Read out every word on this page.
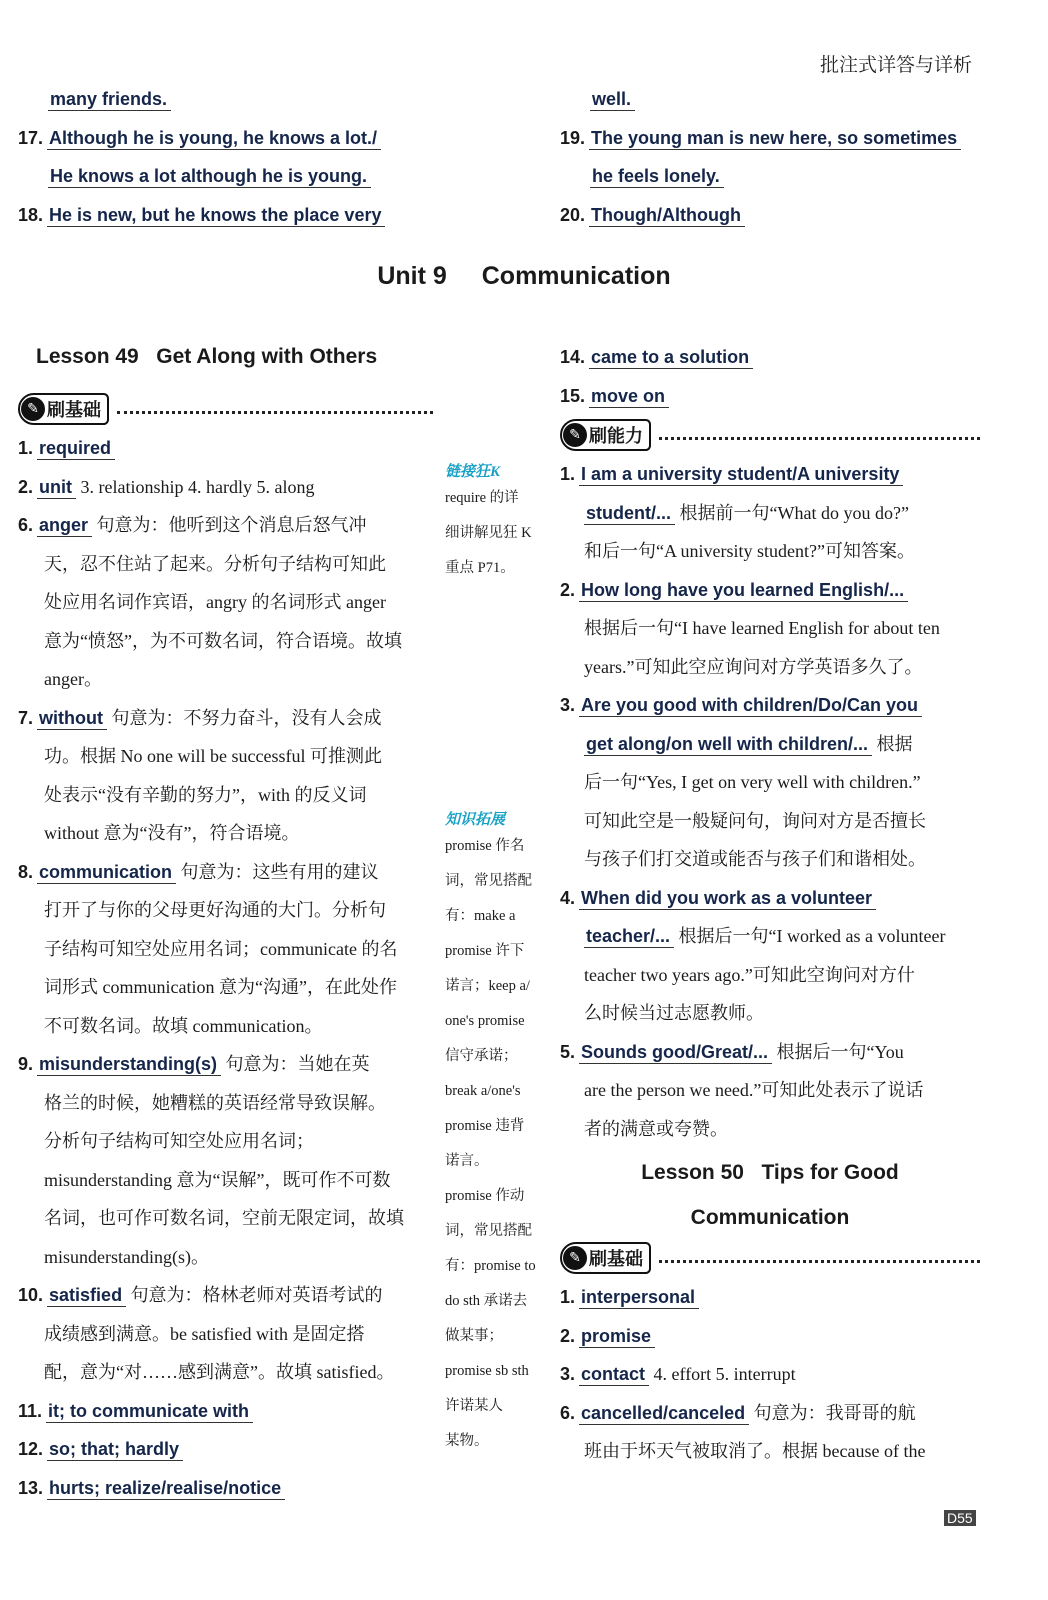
批注式详答与详析
many friends.
17. Although he is young, he knows a lot./
He knows a lot although he is young.
18. He is new, but he knows the place very
well.
19. The young man is new here, so sometimes
he feels lonely.
20. Though/Although
Unit 9 Communication
Lesson 49 Get Along with Others
✎ 刷基础
1. required
2. unit 3. relationship 4. hardly 5. along
6. anger 句意为：他听到这个消息后怒气冲
天，忍不住站了起来。分析句子结构可知此
处应用名词作宾语，angry 的名词形式 anger
意为“愤怒”，为不可数名词，符合语境。故填
anger。
7. without 句意为：不努力奋斗，没有人会成
功。根据 No one will be successful 可推测此
处表示“没有辛勤的努力”，with 的反义词
without 意为“没有”，符合语境。
8. communication 句意为：这些有用的建议
打开了与你的父母更好沟通的大门。分析句
子结构可知空处应用名词；communicate 的名
词形式 communication 意为“沟通”，在此处作
不可数名词。故填 communication。
9. misunderstanding(s) 句意为：当她在英
格兰的时候，她糟糕的英语经常导致误解。
分析句子结构可知空处应用名词；
misunderstanding 意为“误解”，既可作不可数
名词，也可作可数名词，空前无限定词，故填
misunderstanding(s)。
10. satisfied 句意为：格林老师对英语考试的
成绩感到满意。be satisfied with 是固定搭
配，意为“对……感到满意”。故填 satisfied。
11. it; to communicate with
12. so; that; hardly
13. hurts; realize/realise/notice
链接狂K
require 的详
细讲解见狂 K
重点 P71。
知识拓展
promise 作名
词，常见搭配
有：make a
promise 许下
诺言；keep a/
one's promise
信守承诺；
break a/one's
promise 违背
诺言。
promise 作动
词，常见搭配
有：promise to
do sth 承诺去
做某事；
promise sb sth
许诺某人
某物。
14. came to a solution
15. move on
✎ 刷能力
1. I am a university student/A university
student/... 根据前一句“What do you do?”
和后一句“A university student?”可知答案。
2. How long have you learned English/...
根据后一句“I have learned English for about ten
years.”可知此空应询问对方学英语多久了。
3. Are you good with children/Do/Can you
get along/on well with children/... 根据
后一句“Yes, I get on very well with children.”
可知此空是一般疑问句，询问对方是否擅长
与孩子们打交道或能否与孩子们和谐相处。
4. When did you work as a volunteer
teacher/... 根据后一句“I worked as a volunteer
teacher two years ago.”可知此空询问对方什
么时候当过志愿教师。
5. Sounds good/Great/... 根据后一句“You
are the person we need.”可知此处表示了说话
者的满意或夸赞。
Lesson 50 Tips for Good
Communication
✎ 刷基础
1. interpersonal
2. promise
3. contact 4. effort 5. interrupt
6. cancelled/canceled 句意为：我哥哥的航
班由于坏天气被取消了。根据 because of the
D55
